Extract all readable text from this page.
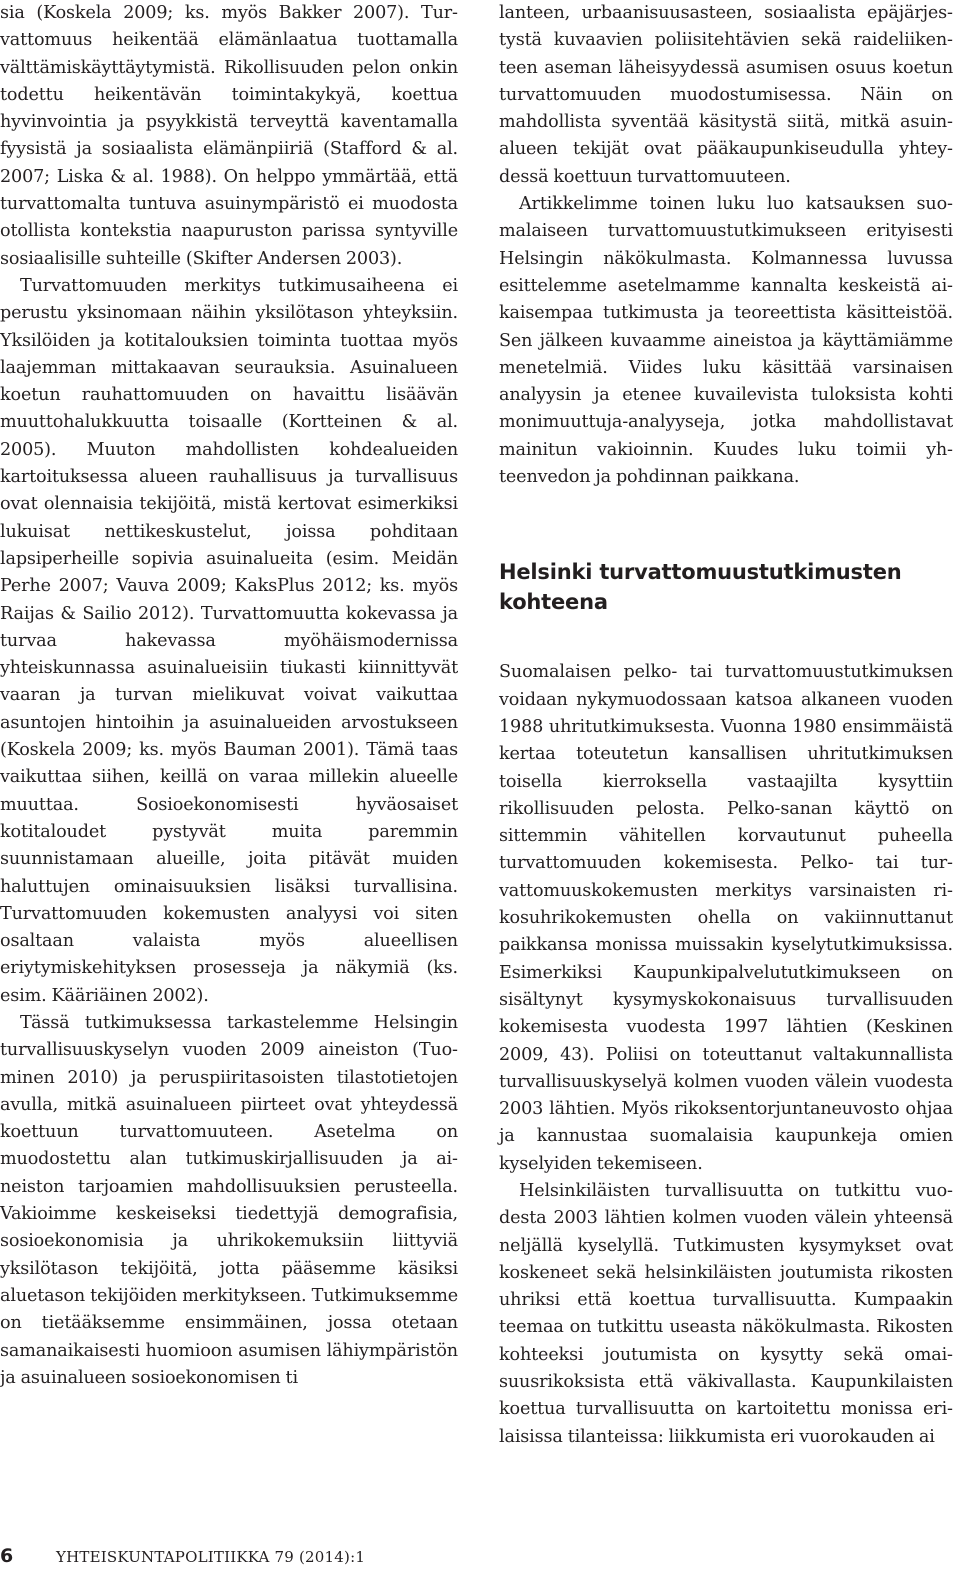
sia (Koskela 2009; ks. myös Bakker 2007). Turvattomuus heikentää elämänlaatua tuottamalla välttämiskäyttäytymistä. Rikollisuuden pelon onkin todettu heikentävän toimintakykyä, koettua hyvinvointia ja psyykkistä terveyttä kaventamalla fyysistä ja sosiaalista elämänpiiriä (Stafford & al. 2007; Liska & al. 1988). On helppo ymmärtää, että turvattomalta tuntuva asuinympäristö ei muodosta otollista kontekstia naapuruston parissa syntyville sosiaalisille suhteille (Skifter Andersen 2003).

Turvattomuuden merkitys tutkimusaiheena ei perustu yksinomaan näihin yksilötason yhteyksiin. Yksilöiden ja kotitalouksien toiminta tuottaa myös laajemman mittakaavan seurauksia. Asuinalueen koetun rauhattomuuden on havaittu lisäävän muuttohalukkuutta toisaalle (Kortteinen & al. 2005). Muuton mahdollisten kohdealueiden kartoituksessa alueen rauhallisuus ja turvallisuus ovat olennaisia tekijöitä, mistä kertovat esimerkiksi lukuisat nettikeskustelut, joissa pohditaan lapsiperheille sopivia asuinalueita (esim. Meidän Perhe 2007; Vauva 2009; KaksPlus 2012; ks. myös Raijas & Sailio 2012). Turvattomuutta kokevassa ja turvaa hakevassa myöhäismodernissa yhteiskunnassa asuinalueisiin tiukasti kiinnittyvät vaaran ja turvan mielikuvat voivat vaikuttaa asuntojen hintoihin ja asuinalueiden arvostukseen (Koskela 2009; ks. myös Bauman 2001). Tämä taas vaikuttaa siihen, keillä on varaa millekin alueelle muuttaa. Sosioekonomisesti hyväosaiset kotitaloudet pystyvät muita paremmin suunnistamaan alueille, joita pitävät muiden haluttujen ominaisuuksien lisäksi turvallisina. Turvattomuuden kokemusten analyysi voi siten osaltaan valaista myös alueellisen eriytymiskehityksen prosesseja ja näkymiä (ks. esim. Kääriäinen 2002).

Tässä tutkimuksessa tarkastelemme Helsingin turvallisuuskyselyn vuoden 2009 aineiston (Tuominen 2010) ja peruspiiritasoisten tilastotietojen avulla, mitkä asuinalueen piirteet ovat yhteydessä koettuun turvattomuuteen. Asetelma on muodostettu alan tutkimuskirjallisuuden ja aineiston tarjoamien mahdollisuuksien perusteella. Vakioimme keskeiseksi tiedettyjä demografisia, sosioekonomisia ja uhrikokemuksiin liittyviä yksilötason tekijöitä, jotta pääsemme käsiksi aluetason tekijöiden merkitykseen. Tutkimuksemme on tietääksemme ensimmäinen, jossa otetaan samanaikaisesti huomioon asumisen lähiympäristön ja asuinalueen sosioekonomisen ti

lanteen, urbaanisuusasteen, sosiaalista epäjärjestystä kuvaavien poliisitehtävien sekä raideliikenteen aseman läheisyydessä asumisen osuus koetun turvattomuuden muodostumisessa. Näin on mahdollista syventää käsitystä siitä, mitkä asuinalueen tekijät ovat pääkaupunkiseudulla yhteydessä koettuun turvattomuuteen.

Artikkelimme toinen luku luo katsauksen suomalaiseen turvattomuustutkimukseen erityisesti Helsingin näkökulmasta. Kolmannessa luvussa esittelemme asetelmamme kannalta keskeistä aikaisempaa tutkimusta ja teoreettista käsitteistöä. Sen jälkeen kuvaamme aineistoa ja käyttämiämme menetelmiä. Viides luku käsittää varsinaisen analyysin ja etenee kuvailevista tuloksista kohti monimuuttuja-analyyseja, jotka mahdollistavat mainitun vakioinnin. Kuudes luku toimii yhteenvedon ja pohdinnan paikkana.

Helsinki turvattomuustutkimusten kohteena

Suomalaisen pelko- tai turvattomuustutkimuksen voidaan nykymuodossaan katsoa alkaneen vuoden 1988 uhritutkimuksesta. Vuonna 1980 ensimmäistä kertaa toteutetun kansallisen uhritutkimuksen toisella kierroksella vastaajilta kysyttiin rikollisuuden pelosta. Pelko-sanan käyttö on sittemmin vähitellen korvautunut puheella turvattomuuden kokemisesta. Pelko- tai turvattomuuskokemusten merkitys varsinaisten rikosuhrikokemusten ohella on vakiinnuttanut paikkansa monissa muissakin kyselytutkimuksissa. Esimerkiksi Kaupunkipalvelututkimukseen on sisältynyt kysymyskokonaisuus turvallisuuden kokemisesta vuodesta 1997 lähtien (Keskinen 2009, 43). Poliisi on toteuttanut valtakunnallista turvallisuuskyselyä kolmen vuoden välein vuodesta 2003 lähtien. Myös rikoksentorjuntaneuvosto ohjaa ja kannustaa suomalaisia kaupunkeja omien kyselyiden tekemiseen.

Helsinkiläisten turvallisuutta on tutkittu vuodesta 2003 lähtien kolmen vuoden välein yhteensä neljällä kyselyllä. Tutkimusten kysymykset ovat koskeneet sekä helsinkiläisten joutumista rikosten uhriksi että koettua turvallisuutta. Kumpaakin teemaa on tutkittu useasta näkökulmasta. Rikosten kohteeksi joutumista on kysytty sekä omaisuusrikoksista että väkivallasta. Kaupunkilaisten koettua turvallisuutta on kartoitettu monissa erilaisissa tilanteissa: liikkumista eri vuorokauden ai

6	YHTEISKUNTAPOLITIIKKA 79 (2014):1
